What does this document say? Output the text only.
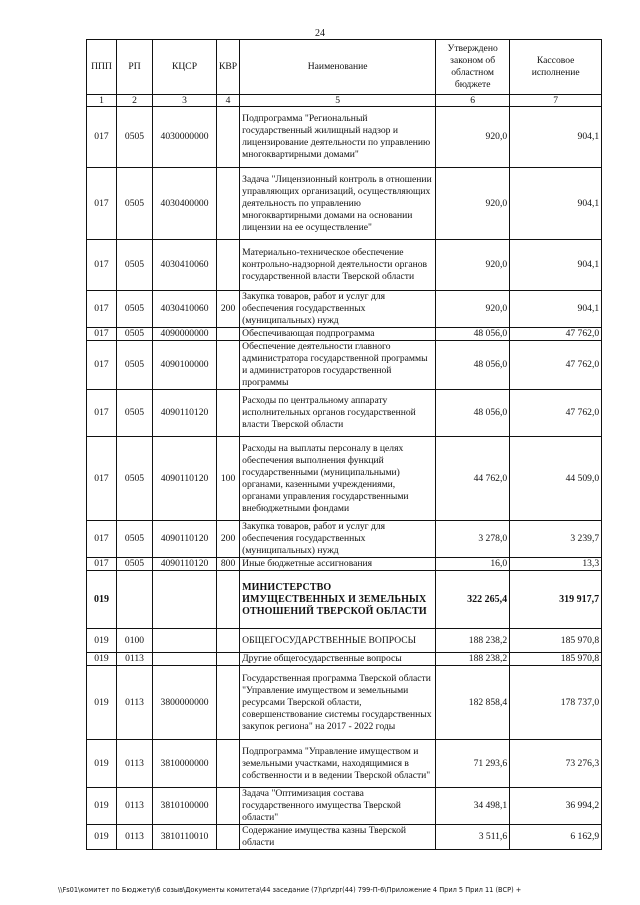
24
ППП	РП	КЦСР	КВР	Наименование	Утверждено законом об областном бюджете	Кассовое исполнение
1	2	3	4	5	6	7
017	0505	4030000000		Подпрограмма "Региональный государственный жилищный надзор и лицензирование деятельности по управлению многоквартирными домами"	920,0	904,1
017	0505	4030400000		Задача "Лицензионный контроль в отношении управляющих организаций, осуществляющих деятельность по управлению многоквартирными домами на основании лицензии на ее осуществление"	920,0	904,1
017	0505	4030410060		Материально-техническое обеспечение контрольно-надзорной деятельности органов государственной власти Тверской области	920,0	904,1
017	0505	4030410060	200	Закупка товаров, работ и услуг для обеспечения государственных (муниципальных) нужд	920,0	904,1
017	0505	4090000000		Обеспечивающая подпрограмма	48 056,0	47 762,0
017	0505	4090100000		Обеспечение деятельности главного администратора государственной программы и администраторов государственной программы	48 056,0	47 762,0
017	0505	4090110120		Расходы по центральному аппарату исполнительных органов государственной власти Тверской области	48 056,0	47 762,0
017	0505	4090110120	100	Расходы на выплаты персоналу в целях обеспечения выполнения функций государственными (муниципальными) органами, казенными учреждениями, органами управления государственными внебюджетными фондами	44 762,0	44 509,0
017	0505	4090110120	200	Закупка товаров, работ и услуг для обеспечения государственных (муниципальных) нужд	3 278,0	3 239,7
017	0505	4090110120	800	Иные бюджетные ассигнования	16,0	13,3
019				МИНИСТЕРСТВО ИМУЩЕСТВЕННЫХ И ЗЕМЕЛЬНЫХ ОТНОШЕНИЙ ТВЕРСКОЙ ОБЛАСТИ	322 265,4	319 917,7
019	0100			ОБЩЕГОСУДАРСТВЕННЫЕ ВОПРОСЫ	188 238,2	185 970,8
019	0113			Другие общегосударственные вопросы	188 238,2	185 970,8
019	0113	3800000000		Государственная программа Тверской области "Управление имуществом и земельными ресурсами Тверской области, совершенствование системы государственных закупок региона" на 2017 - 2022 годы	182 858,4	178 737,0
019	0113	3810000000		Подпрограмма "Управление имуществом и земельными участками, находящимися в собственности и в ведении Тверской области"	71 293,6	73 276,3
019	0113	3810100000		Задача "Оптимизация состава государственного имущества Тверской области"	34 498,1	36 994,2
019	0113	3810110010		Содержание имущества казны Тверской области	3 511,6	6 162,9
\\Fs01\комитет по Бюджету\6 созыв\Документы комитета\44 заседание (7)\pr\zpr(44) 799-П-6\Приложение 4 Прил 5 Прил 11 (ВСР) +
